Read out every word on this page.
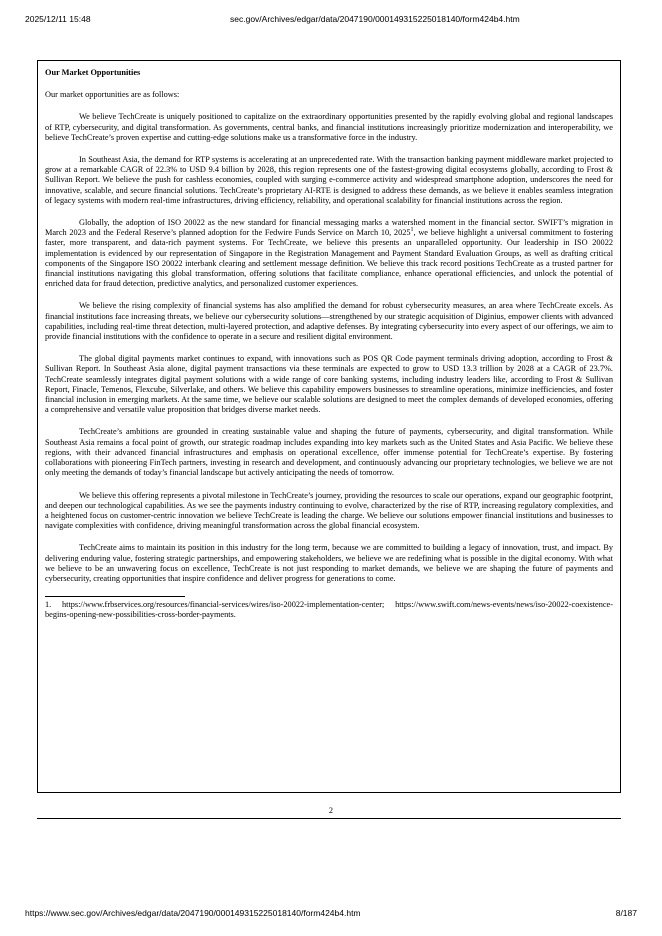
2025/12/11 15:48	sec.gov/Archives/edgar/data/2047190/000149315225018140/form424b4.htm

Our Market Opportunities

Our market opportunities are as follows:

We believe TechCreate is uniquely positioned to capitalize on the extraordinary opportunities presented by the rapidly evolving global and regional landscapes of RTP, cybersecurity, and digital transformation. As governments, central banks, and financial institutions increasingly prioritize modernization and interoperability, we believe TechCreate’s proven expertise and cutting-edge solutions make us a transformative force in the industry.

In Southeast Asia, the demand for RTP systems is accelerating at an unprecedented rate. With the transaction banking payment middleware market projected to grow at a remarkable CAGR of 22.3% to USD 9.4 billion by 2028, this region represents one of the fastest-growing digital ecosystems globally, according to Frost & Sullivan Report. We believe the push for cashless economies, coupled with surging e-commerce activity and widespread smartphone adoption, underscores the need for innovative, scalable, and secure financial solutions. TechCreate’s proprietary AI-RTE is designed to address these demands, as we believe it enables seamless integration of legacy systems with modern real-time infrastructures, driving efficiency, reliability, and operational scalability for financial institutions across the region.

Globally, the adoption of ISO 20022 as the new standard for financial messaging marks a watershed moment in the financial sector. SWIFT’s migration in March 2023 and the Federal Reserve’s planned adoption for the Fedwire Funds Service on March 10, 2025$^1$, we believe highlight a universal commitment to fostering faster, more transparent, and data-rich payment systems. For TechCreate, we believe this presents an unparalleled opportunity. Our leadership in ISO 20022 implementation is evidenced by our representation of Singapore in the Registration Management and Payment Standard Evaluation Groups, as well as drafting critical components of the Singapore ISO 20022 interbank clearing and settlement message definition. We believe this track record positions TechCreate as a trusted partner for financial institutions navigating this global transformation, offering solutions that facilitate compliance, enhance operational efficiencies, and unlock the potential of enriched data for fraud detection, predictive analytics, and personalized customer experiences.

We believe the rising complexity of financial systems has also amplified the demand for robust cybersecurity measures, an area where TechCreate excels. As financial institutions face increasing threats, we believe our cybersecurity solutions—strengthened by our strategic acquisition of Diginius, empower clients with advanced capabilities, including real-time threat detection, multi-layered protection, and adaptive defenses. By integrating cybersecurity into every aspect of our offerings, we aim to provide financial institutions with the confidence to operate in a secure and resilient digital environment.

The global digital payments market continues to expand, with innovations such as POS QR Code payment terminals driving adoption, according to Frost & Sullivan Report. In Southeast Asia alone, digital payment transactions via these terminals are expected to grow to USD 13.3 trillion by 2028 at a CAGR of 23.7%. TechCreate seamlessly integrates digital payment solutions with a wide range of core banking systems, including industry leaders like, according to Frost & Sullivan Report, Finacle, Temenos, Flexcube, Silverlake, and others. We believe this capability empowers businesses to streamline operations, minimize inefficiencies, and foster financial inclusion in emerging markets. At the same time, we believe our scalable solutions are designed to meet the complex demands of developed economies, offering a comprehensive and versatile value proposition that bridges diverse market needs.

TechCreate’s ambitions are grounded in creating sustainable value and shaping the future of payments, cybersecurity, and digital transformation. While Southeast Asia remains a focal point of growth, our strategic roadmap includes expanding into key markets such as the United States and Asia Pacific. We believe these regions, with their advanced financial infrastructures and emphasis on operational excellence, offer immense potential for TechCreate’s expertise. By fostering collaborations with pioneering FinTech partners, investing in research and development, and continuously advancing our proprietary technologies, we believe we are not only meeting the demands of today’s financial landscape but actively anticipating the needs of tomorrow.

We believe this offering represents a pivotal milestone in TechCreate’s journey, providing the resources to scale our operations, expand our geographic footprint, and deepen our technological capabilities. As we see the payments industry continuing to evolve, characterized by the rise of RTP, increasing regulatory complexities, and a heightened focus on customer-centric innovation we believe TechCreate is leading the charge. We believe our solutions empower financial institutions and businesses to navigate complexities with confidence, driving meaningful transformation across the global financial ecosystem.

TechCreate aims to maintain its position in this industry for the long term, because we are committed to building a legacy of innovation, trust, and impact. By delivering enduring value, fostering strategic partnerships, and empowering stakeholders, we believe we are redefining what is possible in the digital economy. With what we believe to be an unwavering focus on excellence, TechCreate is not just responding to market demands, we believe we are shaping the future of payments and cybersecurity, creating opportunities that inspire confidence and deliver progress for generations to come.

1. https://www.frbservices.org/resources/financial-services/wires/iso-20022-implementation-center; https://www.swift.com/news-events/news/iso-20022-coexistence-begins-opening-new-possibilities-cross-border-payments.

2
https://www.sec.gov/Archives/edgar/data/2047190/000149315225018140/form424b4.htm	8/187
